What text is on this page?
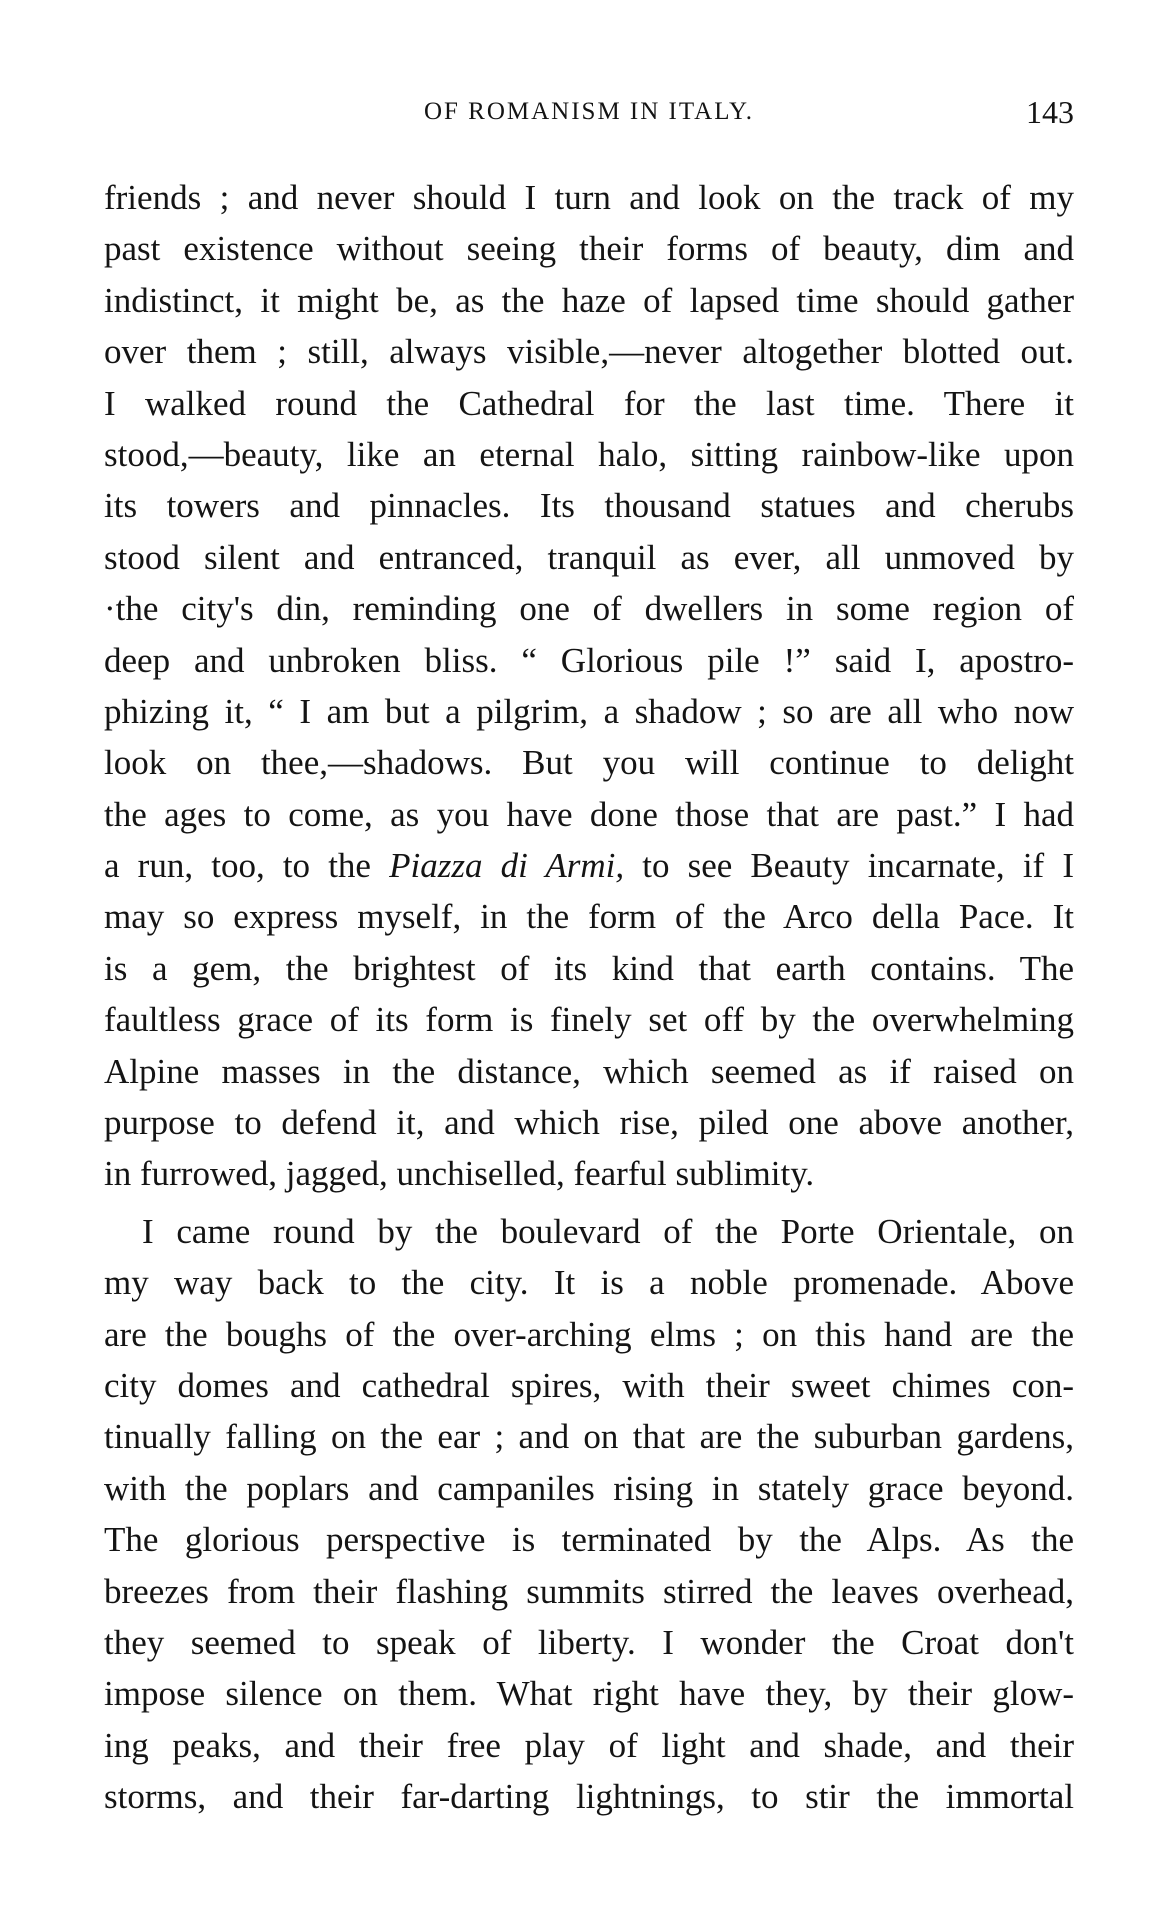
OF ROMANISM IN ITALY.	143
friends ; and never should I turn and look on the track of my
past existence without seeing their forms of beauty, dim and
indistinct, it might be, as the haze of lapsed time should gather
over them ; still, always visible,—never altogether blotted out.
I walked round the Cathedral for the last time. There it
stood,—beauty, like an eternal halo, sitting rainbow-like upon
its towers and pinnacles. Its thousand statues and cherubs
stood silent and entranced, tranquil as ever, all unmoved by
·the city's din, reminding one of dwellers in some region of
deep and unbroken bliss. “ Glorious pile !” said I, apostro-
phizing it, “ I am but a pilgrim, a shadow ; so are all who now
look on thee,—shadows. But you will continue to delight
the ages to come, as you have done those that are past.” I had
a run, too, to the Piazza di Armi, to see Beauty incarnate, if I
may so express myself, in the form of the Arco della Pace. It
is a gem, the brightest of its kind that earth contains. The
faultless grace of its form is finely set off by the overwhelming
Alpine masses in the distance, which seemed as if raised on
purpose to defend it, and which rise, piled one above another,
in furrowed, jagged, unchiselled, fearful sublimity.
I came round by the boulevard of the Porte Orientale, on
my way back to the city. It is a noble promenade. Above
are the boughs of the over-arching elms ; on this hand are the
city domes and cathedral spires, with their sweet chimes con-
tinually falling on the ear ; and on that are the suburban gardens,
with the poplars and campaniles rising in stately grace beyond.
The glorious perspective is terminated by the Alps. As the
breezes from their flashing summits stirred the leaves overhead,
they seemed to speak of liberty. I wonder the Croat don't
impose silence on them. What right have they, by their glow-
ing peaks, and their free play of light and shade, and their
storms, and their far-darting lightnings, to stir the immortal
